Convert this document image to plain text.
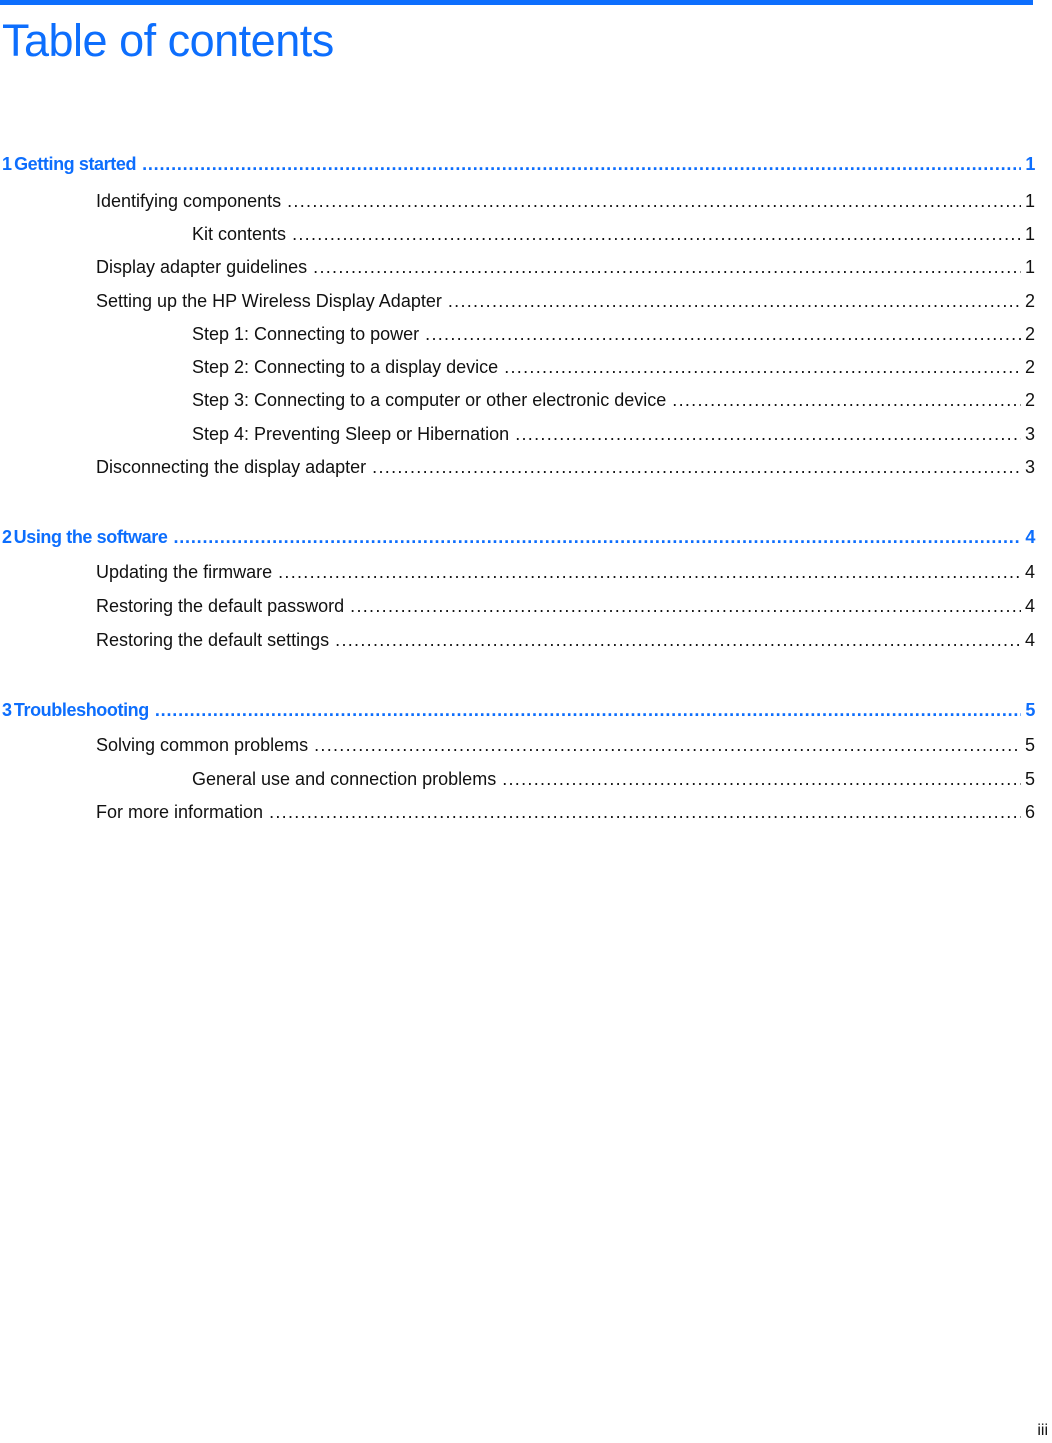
Table of contents
1 Getting started .....	1
Identifying components .....	1
Kit contents .....	1
Display adapter guidelines .....	1
Setting up the HP Wireless Display Adapter .....	2
Step 1: Connecting to power .....	2
Step 2: Connecting to a display device .....	2
Step 3: Connecting to a computer or other electronic device .....	2
Step 4: Preventing Sleep or Hibernation .....	3
Disconnecting the display adapter .....	3
2 Using the software .....	4
Updating the firmware .....	4
Restoring the default password .....	4
Restoring the default settings .....	4
3 Troubleshooting .....	5
Solving common problems .....	5
General use and connection problems .....	5
For more information .....	6
iii
